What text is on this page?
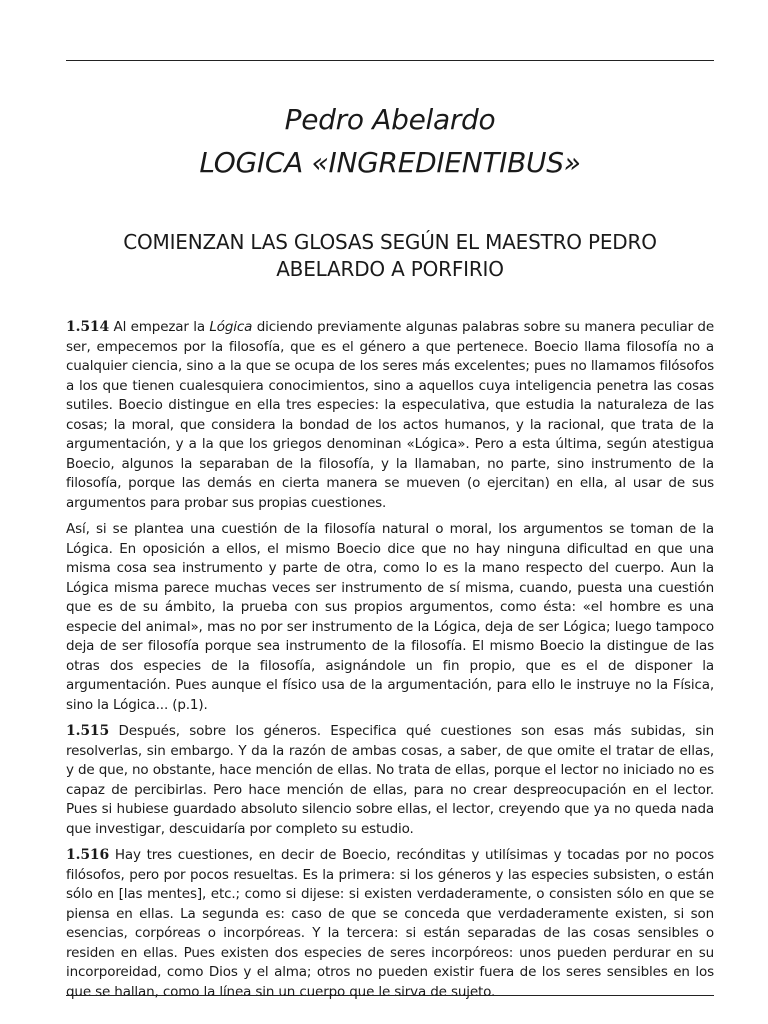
Pedro Abelardo
LOGICA «INGREDIENTIBUS»
COMIENZAN LAS GLOSAS SEGÚN EL MAESTRO PEDRO
ABELARDO A PORFIRIO

1.514 Al empezar la Lógica diciendo previamente algunas palabras sobre su manera peculiar de ser, empecemos por la filosofía, que es el género a que pertenece. Boecio llama filosofía no a cualquier ciencia, sino a la que se ocupa de los seres más excelentes; pues no llamamos filósofos a los que tienen cualesquiera conocimientos, sino a aquellos cuya inteligencia penetra las cosas sutiles. Boecio distingue en ella tres especies: la especulativa, que estudia la naturaleza de las cosas; la moral, que considera la bondad de los actos humanos, y la racional, que trata de la argumentación, y a la que los griegos denominan «Lógica». Pero a esta última, según atestigua Boecio, algunos la separaban de la filosofía, y la llamaban, no parte, sino instrumento de la filosofía, porque las demás en cierta manera se mueven (o ejercitan) en ella, al usar de sus argumentos para probar sus propias cuestiones.

Así, si se plantea una cuestión de la filosofía natural o moral, los argumentos se toman de la Lógica. En oposición a ellos, el mismo Boecio dice que no hay ninguna dificultad en que una misma cosa sea instrumento y parte de otra, como lo es la mano respecto del cuerpo. Aun la Lógica misma parece muchas veces ser instrumento de sí misma, cuando, puesta una cuestión que es de su ámbito, la prueba con sus propios argumentos, como ésta: «el hombre es una especie del animal», mas no por ser instrumento de la Lógica, deja de ser Lógica; luego tampoco deja de ser filosofía porque sea instrumento de la filosofía. El mismo Boecio la distingue de las otras dos especies de la filosofía, asignándole un fin propio, que es el de disponer la argumentación. Pues aunque el físico usa de la argumentación, para ello le instruye no la Física, sino la Lógica... (p.1).

1.515 Después, sobre los géneros. Especifica qué cuestiones son esas más subidas, sin resolverlas, sin embargo. Y da la razón de ambas cosas, a saber, de que omite el tratar de ellas, y de que, no obstante, hace mención de ellas. No trata de ellas, porque el lector no iniciado no es capaz de percibirlas. Pero hace mención de ellas, para no crear despreocupación en el lector. Pues si hubiese guardado absoluto silencio sobre ellas, el lector, creyendo que ya no queda nada que investigar, descuidaría por completo su estudio.

1.516 Hay tres cuestiones, en decir de Boecio, recónditas y utilísimas y tocadas por no pocos filósofos, pero por pocos resueltas. Es la primera: si los géneros y las especies subsisten, o están sólo en [las mentes], etc.; como si dijese: si existen verdaderamente, o consisten sólo en que se piensa en ellas. La segunda es: caso de que se conceda que verdaderamente existen, si son esencias, corpóreas o incorpóreas. Y la tercera: si están separadas de las cosas sensibles o residen en ellas. Pues existen dos especies de seres incorpóreos: unos pueden perdurar en su incorporeidad, como Dios y el alma; otros no pueden existir fuera de los seres sensibles en los que se hallan, como la línea sin un cuerpo que le sirva de sujeto.
